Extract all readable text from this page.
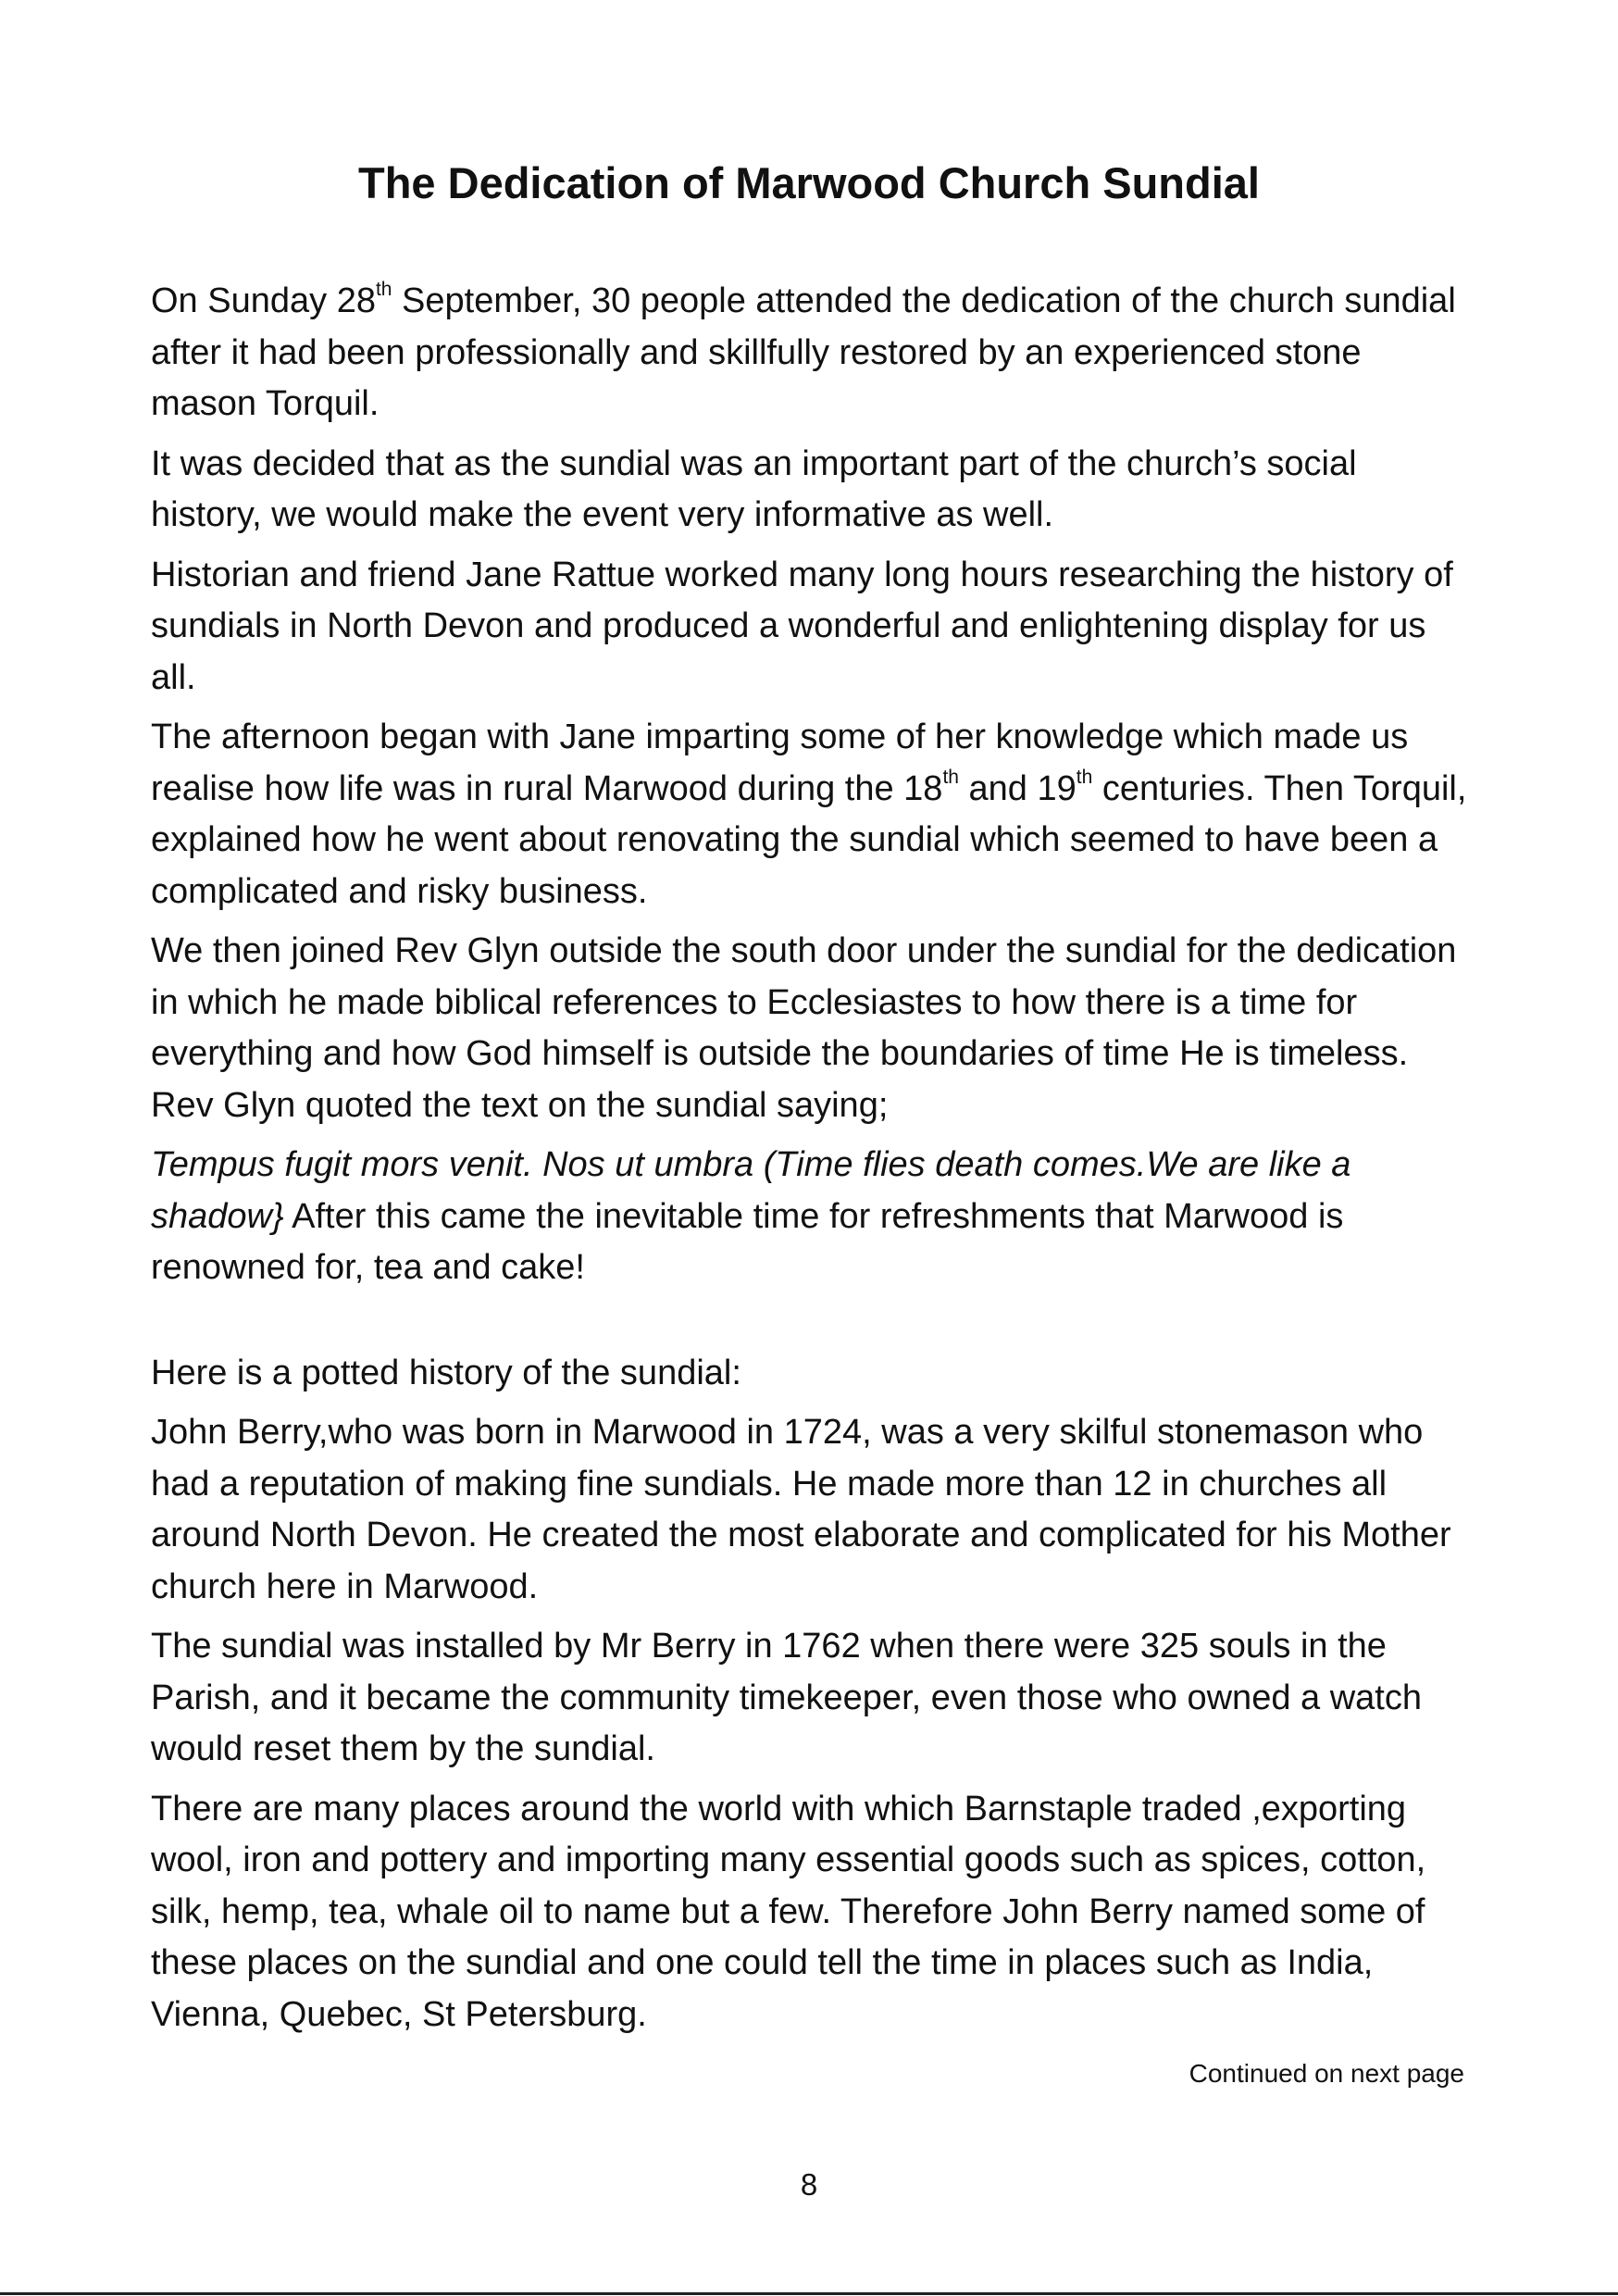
The Dedication of Marwood Church Sundial

On Sunday 28th September, 30 people attended the dedication of the church sundial after it had been professionally and skillfully restored by an experienced stone mason Torquil.

It was decided that as the sundial was an important part of the church’s social history, we would make the event very informative as well.

Historian and friend Jane Rattue worked many long hours researching the history of sundials in North Devon and produced a wonderful and enlightening display for us all.

The afternoon began with Jane imparting some of her knowledge which made us realise how life was in rural Marwood during the 18th and 19th centuries. Then Torquil, explained how he went about renovating the sundial which seemed to have been a complicated and risky business.

We then joined Rev Glyn outside the south door under the sundial for the dedication in which he made biblical references to Ecclesiastes to how there is a time for everything and how God himself is outside the boundaries of time He is timeless. Rev Glyn quoted the text on the sundial saying;

Tempus fugit mors venit. Nos ut umbra (Time flies death comes.We are like a shadow} After this came the inevitable time for refreshments that Marwood is renowned for, tea and cake!

Here is a potted history of the sundial:

John Berry,who was born in Marwood in 1724, was a very skilful stonemason who had a reputation of making fine sundials. He made more than 12 in churches all around North Devon. He created the most elaborate and complicated for his Mother church here in Marwood.

The sundial was installed by Mr Berry in 1762 when there were 325 souls in the Parish, and it became the community timekeeper, even those who owned a watch would reset them by the sundial.

There are many places around the world with which Barnstaple traded ,exporting wool, iron and pottery and importing many essential goods such as spices, cotton, silk, hemp, tea, whale oil to name but a few. Therefore John Berry named some of these places on the sundial and one could tell the time in places such as India, Vienna, Quebec, St Petersburg.

Continued on next page
8
